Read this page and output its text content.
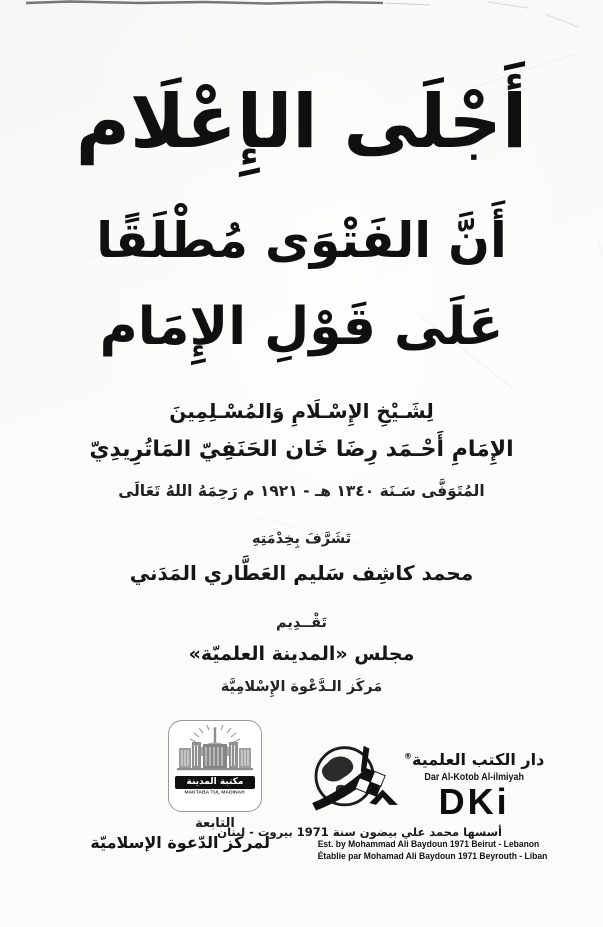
أَجْلَى الإِعْلَام
أَنَّ الفَتْوَى مُطْلَقًا
عَلَى قَوْلِ الإِمَام
لِشَـيْخِ الإِسْـلَامِ وَالمُسْـلِمِينَ
الإِمَامِ أَحْـمَد رِضَا خَان الحَنَفِيّ المَاتُرِيدِيّ
المُتَوَفَّى سَـنَة ١٣٤٠ هـ - ١٩٢١ م رَحِمَهُ اللهُ تَعَالَى
تَشَرَّفَ بِخِدْمَتِهِ
محمد كاشِف سَليم العَطَّاري المَدَني
تَقْــدِيم
مجلس «المدينة العلميّة»
مَركَز الـدَّعْوة الإِسْلامِيَّة
مكتبة المدينة
MAKTABA TUL MADINAH
التابعة
لمركز الدّعوة الإسلاميّة
دار الكتب العلمية®
Dar Al-Kotob Al-ilmiyah
DKi
أسسها محمد علي بيضون سنة 1971 بيروت - لبنان
Est. by Mohammad Ali Baydoun 1971 Beirut - Lebanon
Établie par Mohamad Ali Baydoun 1971 Beyrouth - Liban
